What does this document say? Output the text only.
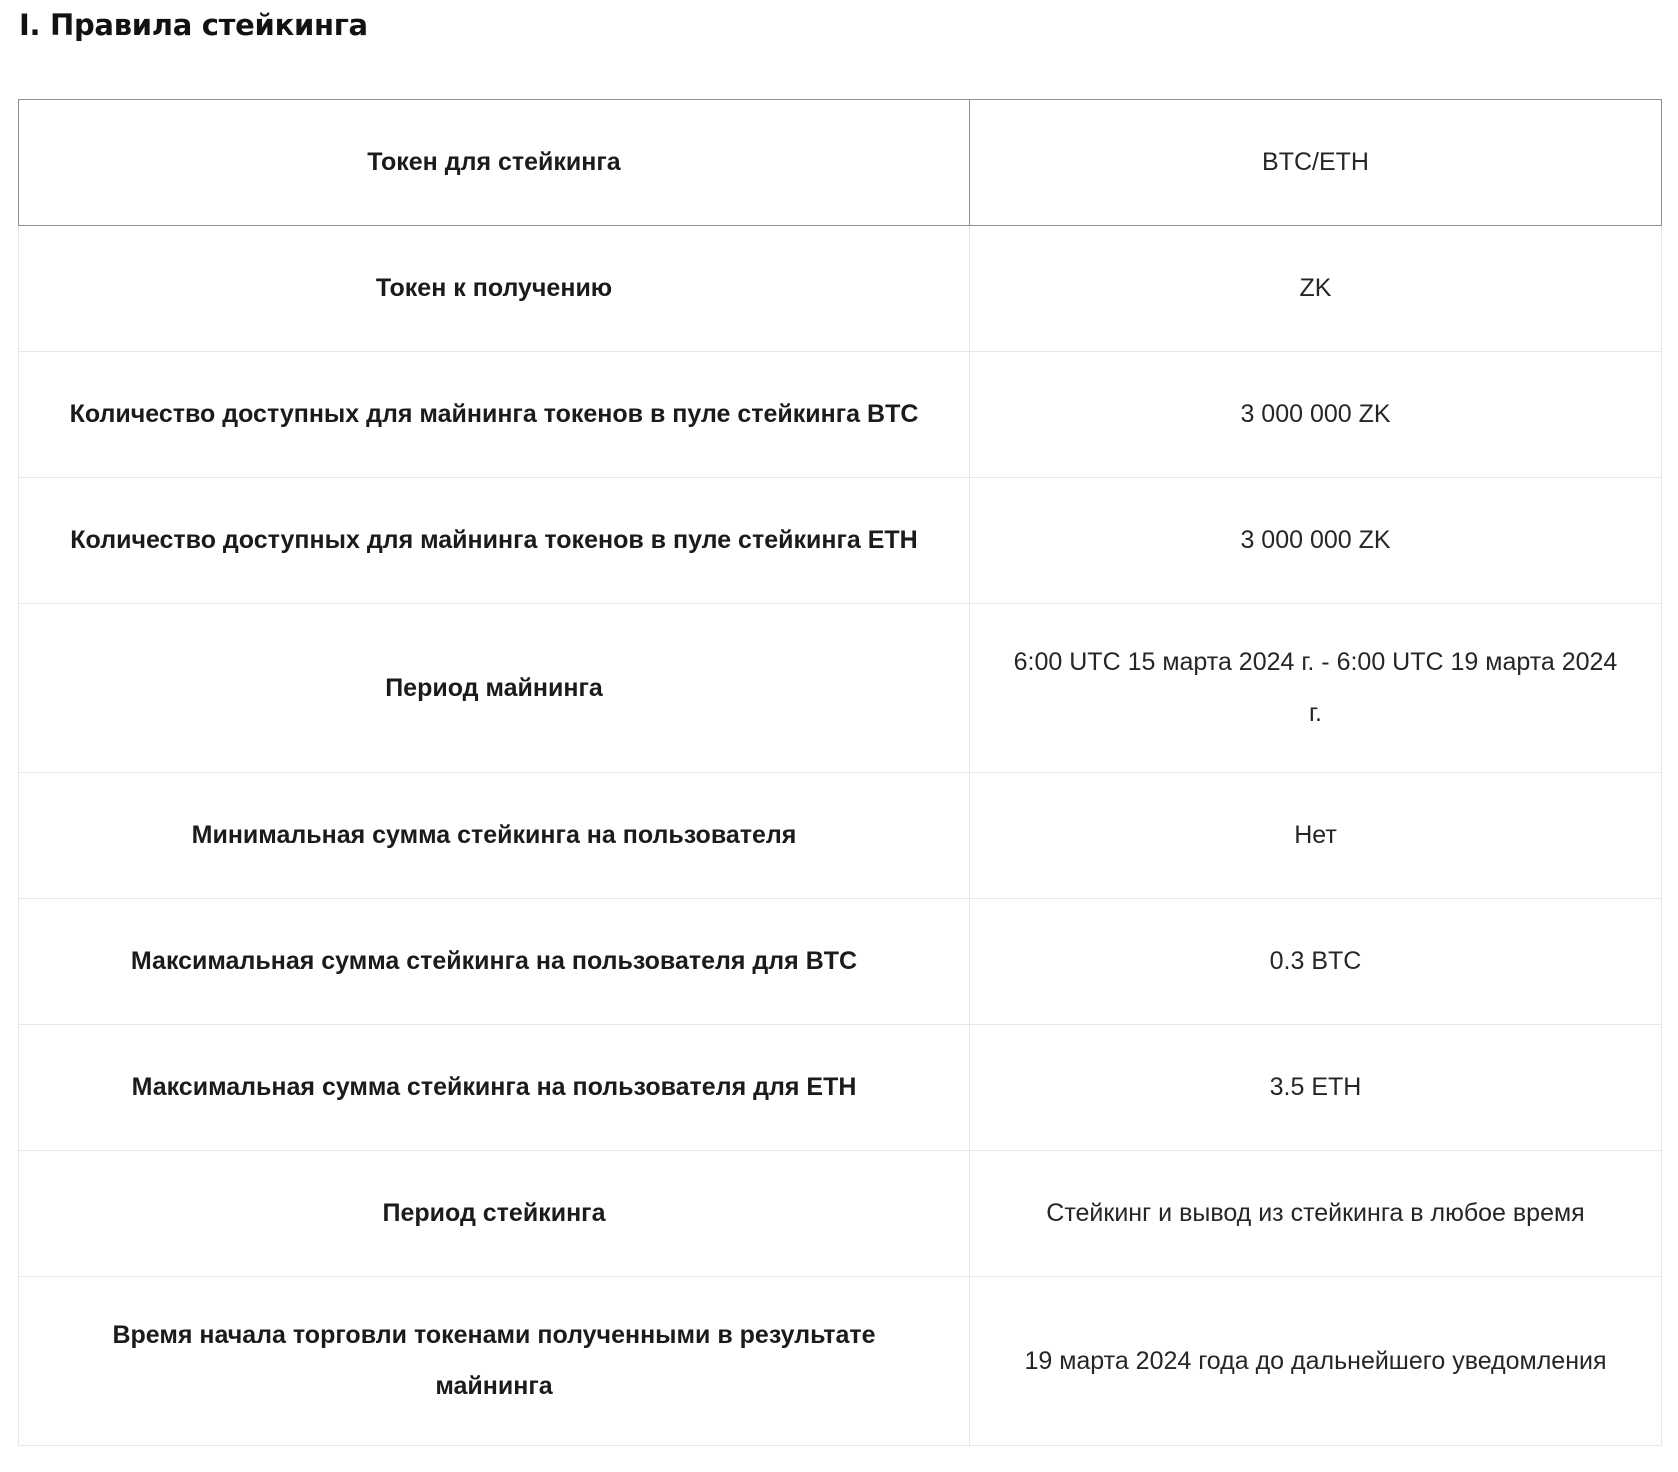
I. Правила стейкинга
Токен для стейкинга	BTC/ETH
Токен к получению	ZK
Количество доступных для майнинга токенов в пуле стейкинга BTC	3 000 000 ZK
Количество доступных для майнинга токенов в пуле стейкинга ETH	3 000 000 ZK
Период майнинга	6:00 UTC 15 марта 2024 г. - 6:00 UTC 19 марта 2024 г.
Минимальная сумма стейкинга на пользователя	Нет
Максимальная сумма стейкинга на пользователя для BTC	0.3 BTC
Максимальная сумма стейкинга на пользователя для ETH	3.5 ETH
Период стейкинга	Стейкинг и вывод из стейкинга в любое время
Время начала торговли токенами полученными в результате майнинга	19 марта 2024 года до дальнейшего уведомления
